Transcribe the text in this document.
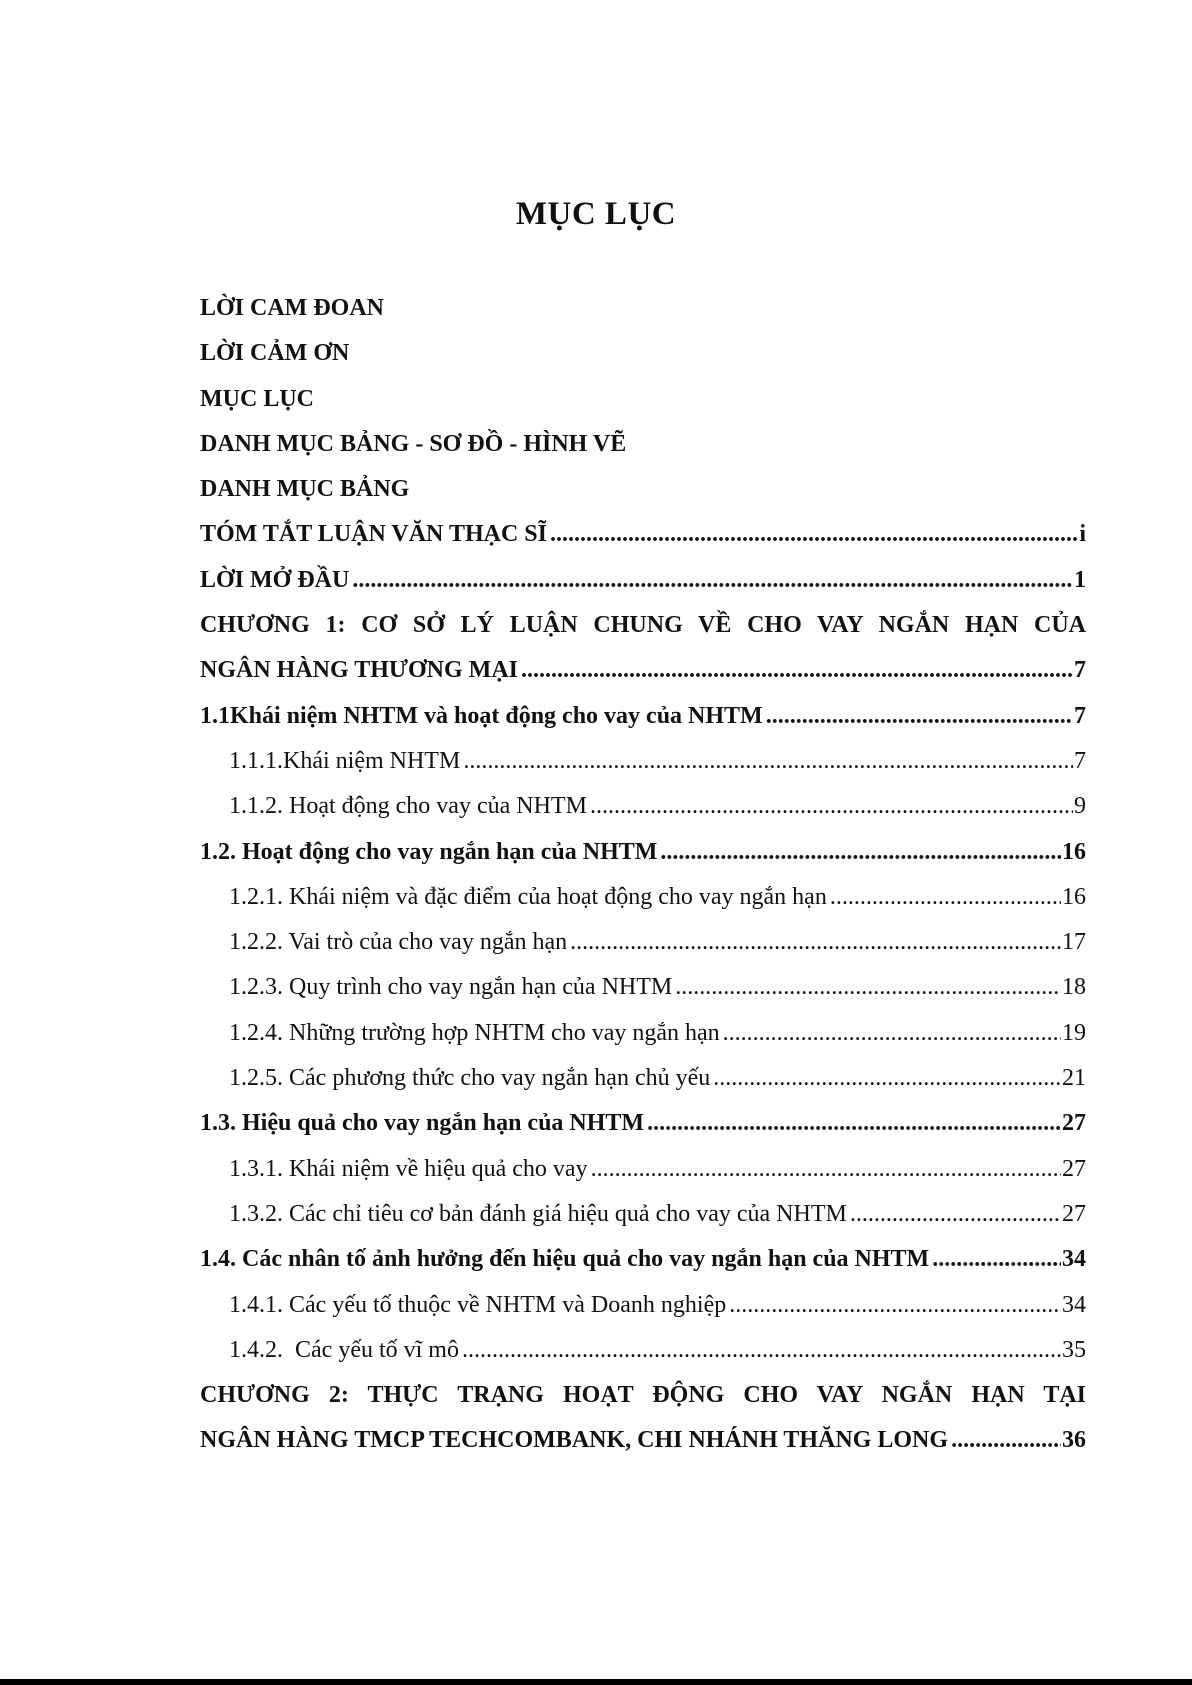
MỤC LỤC
LỜI CAM ĐOAN
LỜI CẢM ƠN
MỤC LỤC
DANH MỤC BẢNG - SƠ ĐỒ - HÌNH VẼ
DANH MỤC BẢNG
TÓM TẮT LUẬN VĂN THẠC SĨ .....	i
LỜI MỞ ĐẦU .....	1
CHƯƠNG 1: CƠ SỞ LÝ LUẬN CHUNG VỀ CHO VAY NGẮN HẠN CỦA
NGÂN HÀNG THƯƠNG MẠI .....	7
1.1Khái niệm NHTM và hoạt động cho vay của NHTM .....	7
1.1.1.Khái niệm NHTM .....	7
1.1.2. Hoạt động cho vay của NHTM .....	9
1.2. Hoạt động cho vay ngắn hạn của NHTM .....	16
1.2.1. Khái niệm và đặc điểm của hoạt động cho vay ngắn hạn .....	16
1.2.2. Vai trò của cho vay ngắn hạn .....	17
1.2.3. Quy trình cho vay ngắn hạn của NHTM .....	18
1.2.4. Những trường hợp NHTM cho vay ngắn hạn .....	19
1.2.5. Các phương thức cho vay ngắn hạn chủ yếu .....	21
1.3. Hiệu quả cho vay ngắn hạn của NHTM .....	27
1.3.1. Khái niệm về hiệu quả cho vay .....	27
1.3.2. Các chỉ tiêu cơ bản đánh giá hiệu quả cho vay của NHTM .....	27
1.4. Các nhân tố ảnh hưởng đến hiệu quả cho vay ngắn hạn của NHTM .....	34
1.4.1. Các yếu tố thuộc về NHTM và Doanh nghiệp .....	34
1.4.2.  Các yếu tố vĩ mô .....	35
CHƯƠNG 2: THỰC TRẠNG HOẠT ĐỘNG CHO VAY NGẮN HẠN TẠI
NGÂN HÀNG TMCP TECHCOMBANK, CHI NHÁNH THĂNG LONG .....	36
